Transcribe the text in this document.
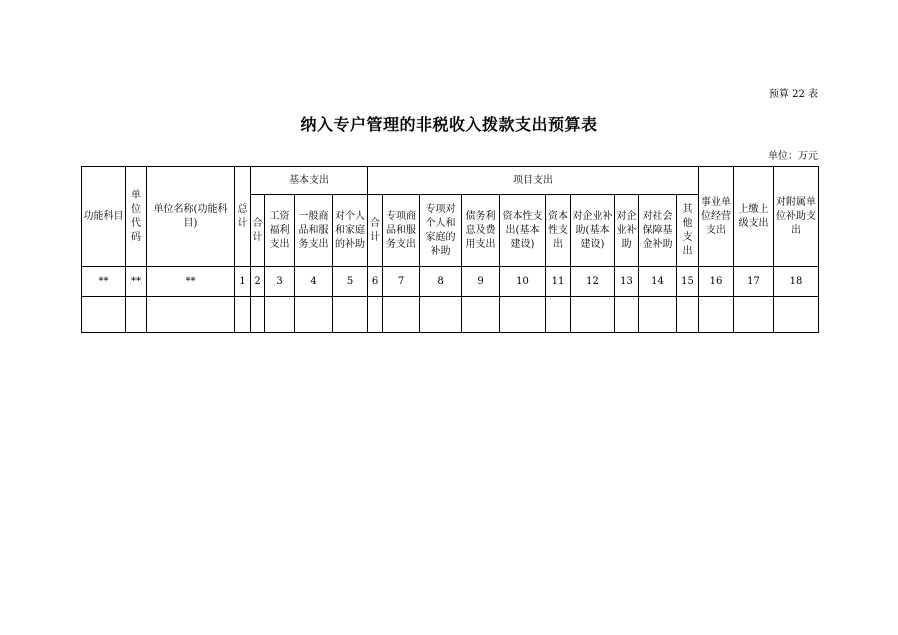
预算 22 表
纳入专户管理的非税收入拨款支出预算表
单位：万元
功能科目	单位代码	单位名称(功能科目)	总计	基本支出				项目支出										事业单位经营支出	上缴上级支出	对附属单位补助支出
				合计	工资福利支出	一般商品和服务支出	对个人和家庭的补助	合计	专项商品和服务支出	专项对个人和家庭的补助	债务利息及费用支出	资本性支出(基本建设)	资本性支出	对企业补助(基本建设)	对企业补助	对社会保障基金补助	其他支出			
**	**	**	1	2	3	4	5	6	7	8	9	10	11	12	13	14	15	16	17	18
